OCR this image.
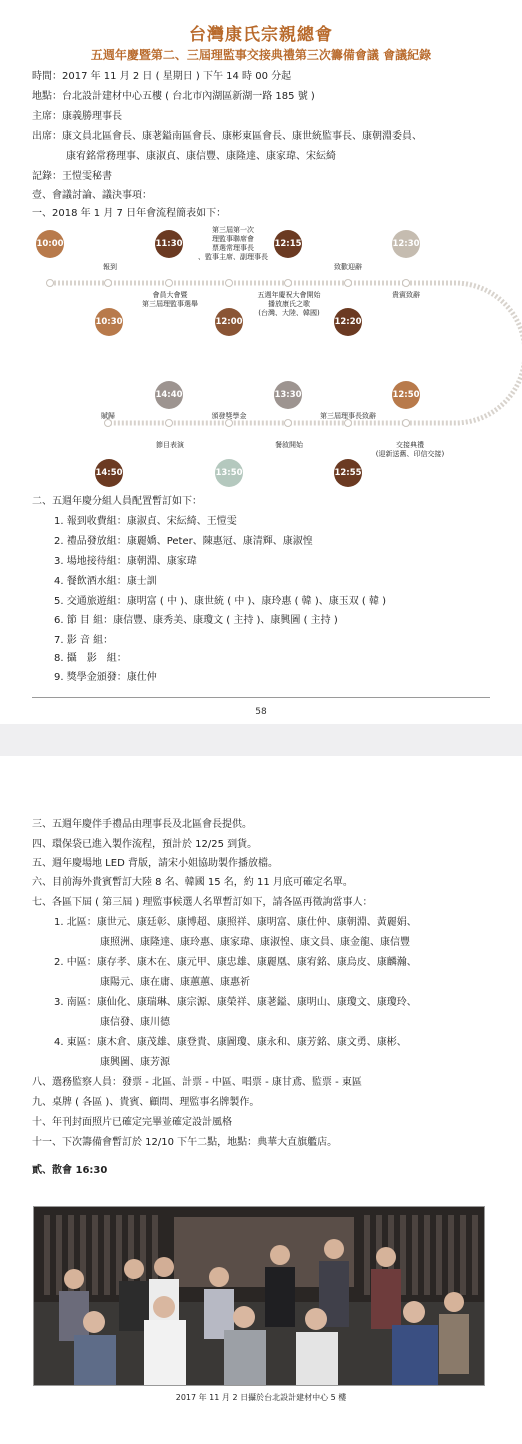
台灣康氏宗親總會
五週年慶暨第二、三屆理監事交接典禮第三次籌備會議 會議紀錄
時間：2017 年 11 月 2 日 ( 星期日 ) 下午 14 時 00 分起
地點：台北設計建材中心五樓 ( 台北市內湖區新湖一路 185 號 )
主席：康義勝理事長
出席：康文員北區會長、康荖鎰南區會長、康彬東區會長、康世統監事長、康朝淵委員、
康宥銘常務理事、康淑貞、康信豐、康隆達、康家瑋、宋紜綺
記錄：王愷雯秘書
壹、會議討論、議決事項：
一、2018 年 1 月 7 日年會流程簡表如下：
10:00
報到
11:30
第三屆第一次
理監事聯席會
票選常理事長
、監事主席、副理事長
12:15
致歡迎辭
12:30
10:30
會員大會暨
第三屆理監事選舉
12:00
五週年慶祝大會開始
播放康氏之歌
(台灣、大陸、韓國)
12:20
貴賓致辭
14:40
賦歸
13:30
頒發獎學金
12:50
第三屆理事長致辭
14:50
節目表演
13:50
餐敘開始
12:55
交接典禮
(迎新送舊、印信交接)
二、五週年慶分組人員配置暫訂如下：
1. 報到收費組：康淑貞、宋紜綺、王愷雯
2. 禮品發放組：康麗嬌、Peter、陳惠冠、康清輝、康淑惶
3. 場地接待組：康朝淵、康家瑋
4. 餐飲酒水組：康士訓
5. 交通旅遊組：康明富 ( 中 )、康世統 ( 中 )、康玲惠 ( 韓 )、康玉双 ( 韓 )
6. 節 目 組：康信豐、康秀美、康瓊文 ( 主持 )、康興圖 ( 主持 )
7. 影 音 組：
8. 攝　影　組：
9. 獎學金頒發：康仕仲
58
三、五週年慶伴手禮品由理事長及北區會長提供。
四、環保袋已進入製作流程，預計於 12/25 到貨。
五、週年慶場地 LED 背版，請宋小姐協助製作播放檔。
六、目前海外貴賓暫訂大陸 8 名、韓國 15 名，約 11 月底可確定名單。
七、各區下屆 ( 第三屆 ) 理監事候選人名單暫訂如下，請各區再徵詢當事人：
1. 北區：康世元、康廷彰、康博超、康照祥、康明富、康仕仲、康朝淵、黃麗娟、
康照洲、康隆達、康玲惠、康家瑋、康淑惶、康文員、康金龍、康信豐
2. 中區：康存孝、康木在、康元甲、康忠雄、康麗凰、康宥銘、康烏皮、康麟瀚、
康陽元、康在庸、康蕙蕙、康惠祈
3. 南區：康仙化、康瑞琳、康宗源、康榮祥、康荖鎰、康明山、康瓊文、康瓊玲、
康信發、康川德
4. 東區：康木倉、康茂雄、康登貴、康圖瓊、康永和、康芳銘、康文勇、康彬、
康興圖、康芳源
八、選務監察人員：發票 - 北區、計票 - 中區、唱票 - 康甘鳶、監票 - 東區
九、桌牌 ( 各區 )、貴賓、顧問、理監事名牌製作。
十、年刊封面照片已確定完畢並確定設計風格
十一、下次籌備會暫訂於 12/10 下午二點，地點：典華大直旗艦店。
貳、散會 16:30
2017 年 11 月 2 日攝於台北設計建材中心 5 樓
